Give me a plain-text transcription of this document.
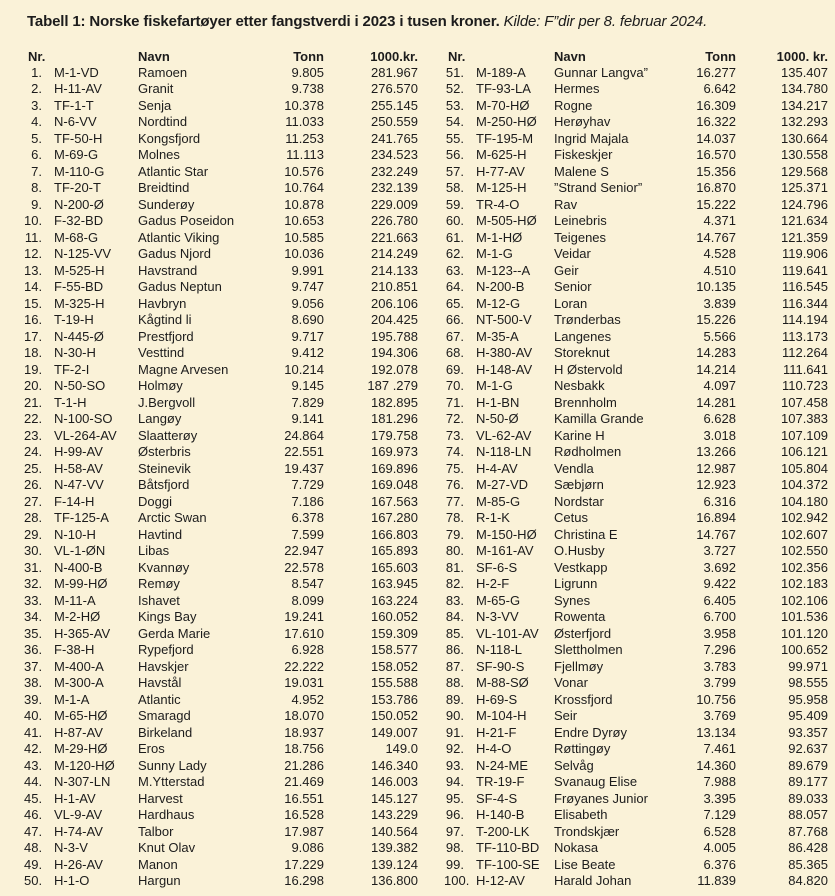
Tabell 1: Norske fiskefartøyer etter fangstverdi i 2023 i tusen kroner. Kilde: F”dir per 8. februar 2024.
Nr.		Navn	Tonn	1000.kr.
1.	M-1-VD	Ramoen	9.805	281.967
2.	H-11-AV	Granit	9.738	276.570
3.	TF-1-T	Senja	10.378	255.145
4.	N-6-VV	Nordtind	11.033	250.559
5.	TF-50-H	Kongsfjord	11.253	241.765
6.	M-69-G	Molnes	11.113	234.523
7.	M-110-G	Atlantic Star	10.576	232.249
8.	TF-20-T	Breidtind	10.764	232.139
9.	N-200-Ø	Sunderøy	10.878	229.009
10.	F-32-BD	Gadus Poseidon	10.653	226.780
11.	M-68-G	Atlantic Viking	10.585	221.663
12.	N-125-VV	Gadus Njord	10.036	214.249
13.	M-525-H	Havstrand	9.991	214.133
14.	F-55-BD	Gadus Neptun	9.747	210.851
15.	M-325-H	Havbryn	9.056	206.106
16.	T-19-H	Kågtind li	8.690	204.425
17.	N-445-Ø	Prestfjord	9.717	195.788
18.	N-30-H	Vesttind	9.412	194.306
19.	TF-2-I	Magne Arvesen	10.214	192.078
20.	N-50-SO	Holmøy	9.145	187 .279
21.	T-1-H	J.Bergvoll	7.829	182.895
22.	N-100-SO	Langøy	9.141	181.296
23.	VL-264-AV	Slaatterøy	24.864	179.758
24.	H-99-AV	Østerbris	22.551	169.973
25.	H-58-AV	Steinevik	19.437	169.896
26.	N-47-VV	Båtsfjord	7.729	169.048
27.	F-14-H	Doggi	7.186	167.563
28.	TF-125-A	Arctic Swan	6.378	167.280
29.	N-10-H	Havtind	7.599	166.803
30.	VL-1-ØN	Libas	22.947	165.893
31.	N-400-B	Kvannøy	22.578	165.603
32.	M-99-HØ	Remøy	8.547	163.945
33.	M-11-A	Ishavet	8.099	163.224
34.	M-2-HØ	Kings Bay	19.241	160.052
35.	H-365-AV	Gerda Marie	17.610	159.309
36.	F-38-H	Rypefjord	6.928	158.577
37.	M-400-A	Havskjer	22.222	158.052
38.	M-300-A	Havstål	19.031	155.588
39.	M-1-A	Atlantic	4.952	153.786
40.	M-65-HØ	Smaragd	18.070	150.052
41.	H-87-AV	Birkeland	18.937	149.007
42.	M-29-HØ	Eros	18.756	149.0
43.	M-120-HØ	Sunny Lady	21.286	146.340
44.	N-307-LN	M.Ytterstad	21.469	146.003
45.	H-1-AV	Harvest	16.551	145.127
46.	VL-9-AV	Hardhaus	16.528	143.229
47.	H-74-AV	Talbor	17.987	140.564
48.	N-3-V	Knut Olav	9.086	139.382
49.	H-26-AV	Manon	17.229	139.124
50.	H-1-O	Hargun	16.298	136.800
Nr.		Navn	Tonn	1000. kr.
51.	M-189-A	Gunnar Langva”	16.277	135.407
52.	TF-93-LA	Hermes	6.642	134.780
53.	M-70-HØ	Rogne	16.309	134.217
54.	M-250-HØ	Herøyhav	16.322	132.293
55.	TF-195-M	Ingrid Majala	14.037	130.664
56.	M-625-H	Fiskeskjer	16.570	130.558
57.	H-77-AV	Malene S	15.356	129.568
58.	M-125-H	”Strand Senior”	16.870	125.371
59.	TR-4-O	Rav	15.222	124.796
60.	M-505-HØ	Leinebris	4.371	121.634
61.	M-1-HØ	Teigenes	14.767	121.359
62.	M-1-G	Veidar	4.528	119.906
63.	M-123--A	Geir	4.510	119.641
64.	N-200-B	Senior	10.135	116.545
65.	M-12-G	Loran	3.839	116.344
66.	NT-500-V	Trønderbas	15.226	114.194
67.	M-35-A	Langenes	5.566	113.173
68.	H-380-AV	Storeknut	14.283	112.264
69.	H-148-AV	H Østervold	14.214	111.641
70.	M-1-G	Nesbakk	4.097	110.723
71.	H-1-BN	Brennholm	14.281	107.458
72.	N-50-Ø	Kamilla Grande	6.628	107.383
73.	VL-62-AV	Karine H	3.018	107.109
74.	N-118-LN	Rødholmen	13.266	106.121
75.	H-4-AV	Vendla	12.987	105.804
76.	M-27-VD	Sæbjørn	12.923	104.372
77.	M-85-G	Nordstar	6.316	104.180
78.	R-1-K	Cetus	16.894	102.942
79.	M-150-HØ	Christina E	14.767	102.607
80.	M-161-AV	O.Husby	3.727	102.550
81.	SF-6-S	Vestkapp	3.692	102.356
82.	H-2-F	Ligrunn	9.422	102.183
83.	M-65-G	Synes	6.405	102.106
84.	N-3-VV	Rowenta	6.700	101.536
85.	VL-101-AV	Østerfjord	3.958	101.120
86.	N-118-L	Slettholmen	7.296	100.652
87.	SF-90-S	Fjellmøy	3.783	99.971
88.	M-88-SØ	Vonar	3.799	98.555
89.	H-69-S	Krossfjord	10.756	95.958
90.	M-104-H	Seir	3.769	95.409
91.	H-21-F	Endre Dyrøy	13.134	93.357
92.	H-4-O	Røttingøy	7.461	92.637
93.	N-24-ME	Selvåg	14.360	89.679
94.	TR-19-F	Svanaug Elise	7.988	89.177
95.	SF-4-S	Frøyanes Junior	3.395	89.033
96.	H-140-B	Elisabeth	7.129	88.057
97.	T-200-LK	Trondskjær	6.528	87.768
98.	TF-110-BD	Nokasa	4.005	86.428
99.	TF-100-SE	Lise Beate	6.376	85.365
100.	H-12-AV	Harald Johan	11.839	84.820
